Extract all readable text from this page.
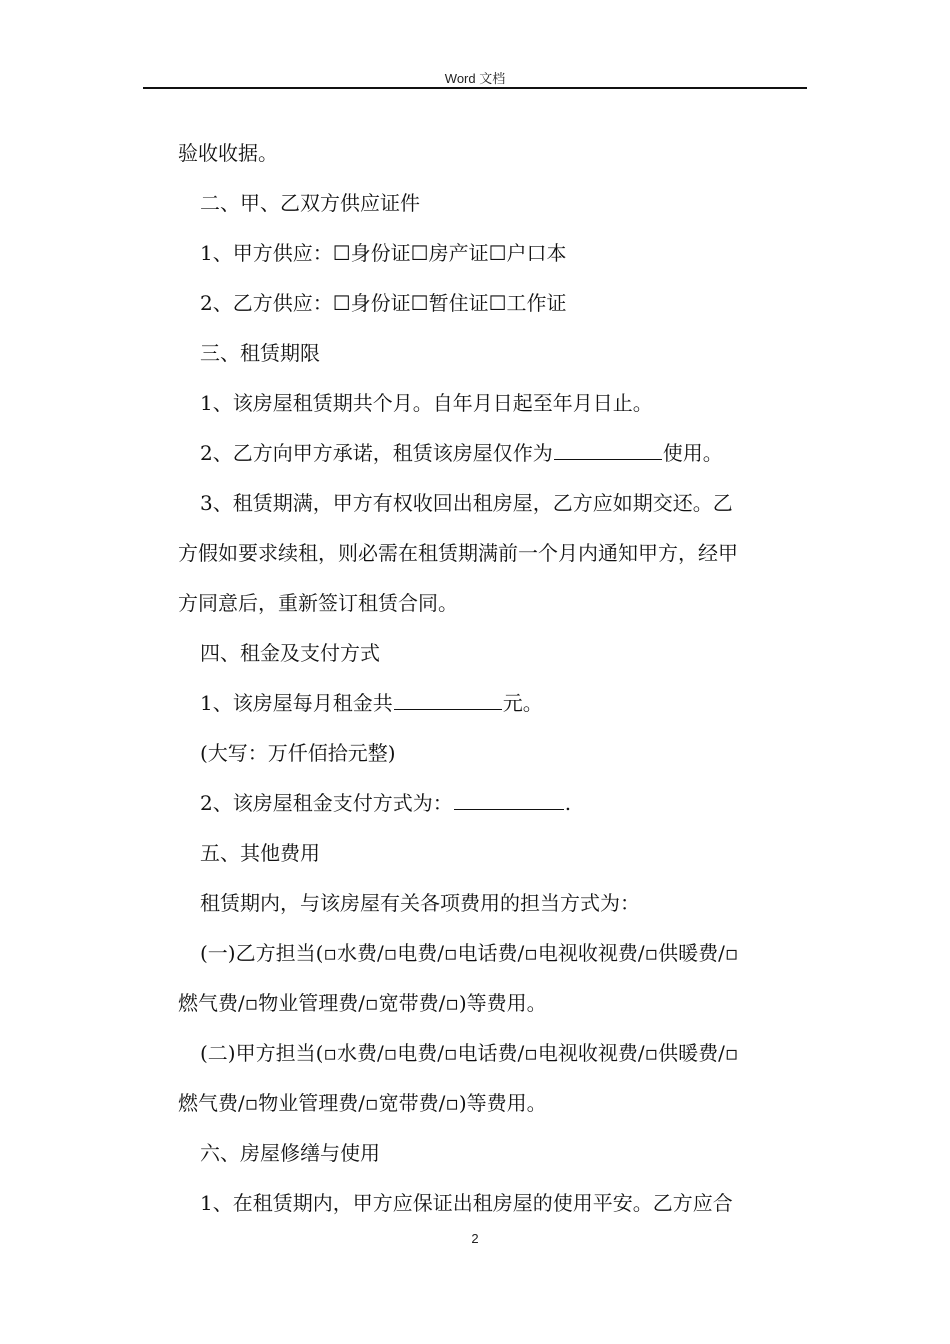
Word 文档
验收收据。
二、甲、乙双方供应证件
1、甲方供应：☐身份证☐房产证☐户口本
2、乙方供应：☐身份证☐暂住证☐工作证
三、租赁期限
1、该房屋租赁期共个月。自年月日起至年月日止。
2、乙方向甲方承诺，租赁该房屋仅作为	使用。
3、租赁期满，甲方有权收回出租房屋，乙方应如期交还。乙
方假如要求续租，则必需在租赁期满前一个月内通知甲方，经甲
方同意后，重新签订租赁合同。
四、租金及支付方式
1、该房屋每月租金共	元。
(大写：万仟佰拾元整)
2、该房屋租金支付方式为：	.
五、其他费用
租赁期内，与该房屋有关各项费用的担当方式为：
(一)乙方担当(▫水费/▫电费/▫电话费/▫电视收视费/▫供暖费/▫
燃气费/▫物业管理费/▫宽带费/▫)等费用。
(二)甲方担当(▫水费/▫电费/▫电话费/▫电视收视费/▫供暖费/▫
燃气费/▫物业管理费/▫宽带费/▫)等费用。
六、房屋修缮与使用
1、在租赁期内，甲方应保证出租房屋的使用平安。乙方应合
2
